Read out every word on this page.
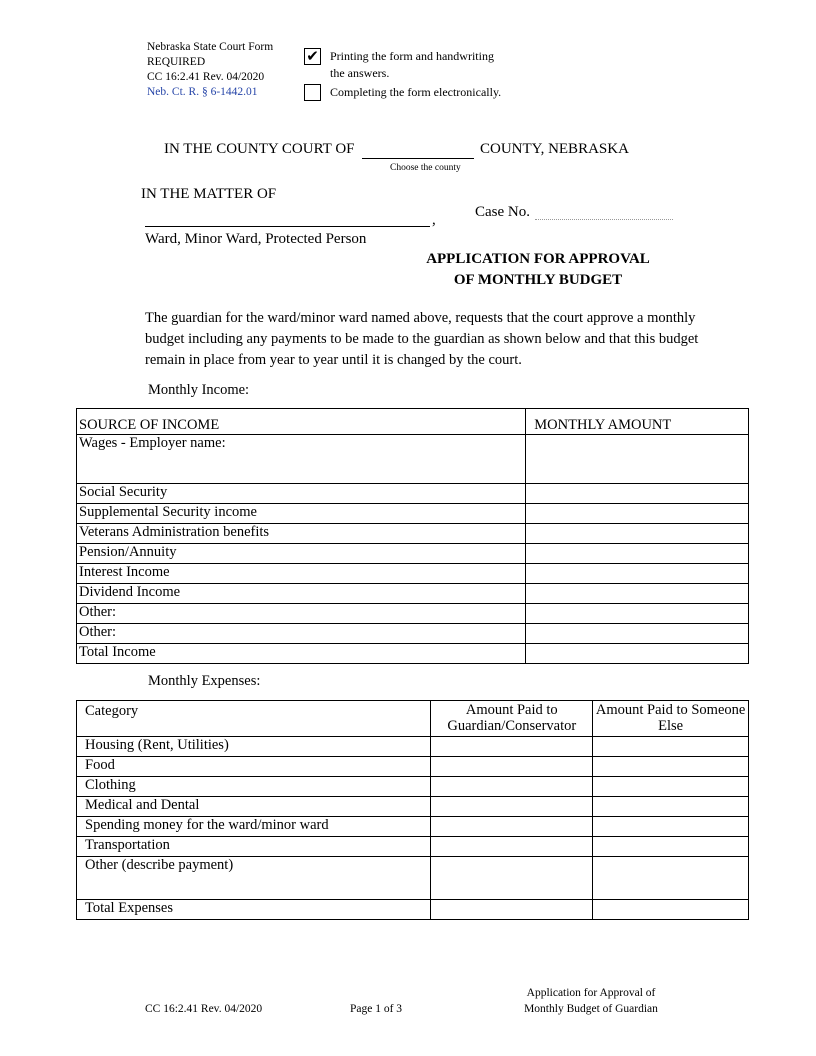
Nebraska State Court Form
REQUIRED
CC 16:2.41 Rev. 04/2020
Neb. Ct. R. § 6-1442.01
✔ Printing the form and handwriting
the answers.
Completing the form electronically.
IN THE COUNTY COURT OF	COUNTY, NEBRASKA
Choose the county
IN THE MATTER OF
,	Case No.
Ward, Minor Ward, Protected Person
APPLICATION FOR APPROVAL
OF MONTHLY BUDGET
The guardian for the ward/minor ward named above, requests that the court approve a monthly budget including any payments to be made to the guardian as shown below and that this budget remain in place from year to year until it is changed by the court.
Monthly Income:
SOURCE OF INCOME	MONTHLY AMOUNT
Wages - Employer name:	
Social Security	
Supplemental Security income	
Veterans Administration benefits	
Pension/Annuity	
Interest Income	
Dividend Income	
Other:	
Other:	
Total Income	
Monthly Expenses:
Category	Amount Paid to Guardian/Conservator	Amount Paid to Someone Else
Housing (Rent, Utilities)		
Food		
Clothing		
Medical and Dental		
Spending money for the ward/minor ward		
Transportation		
Other (describe payment)		
Total Expenses		
CC 16:2.41 Rev. 04/2020	Page 1 of 3
Application for Approval of
Monthly Budget of Guardian
